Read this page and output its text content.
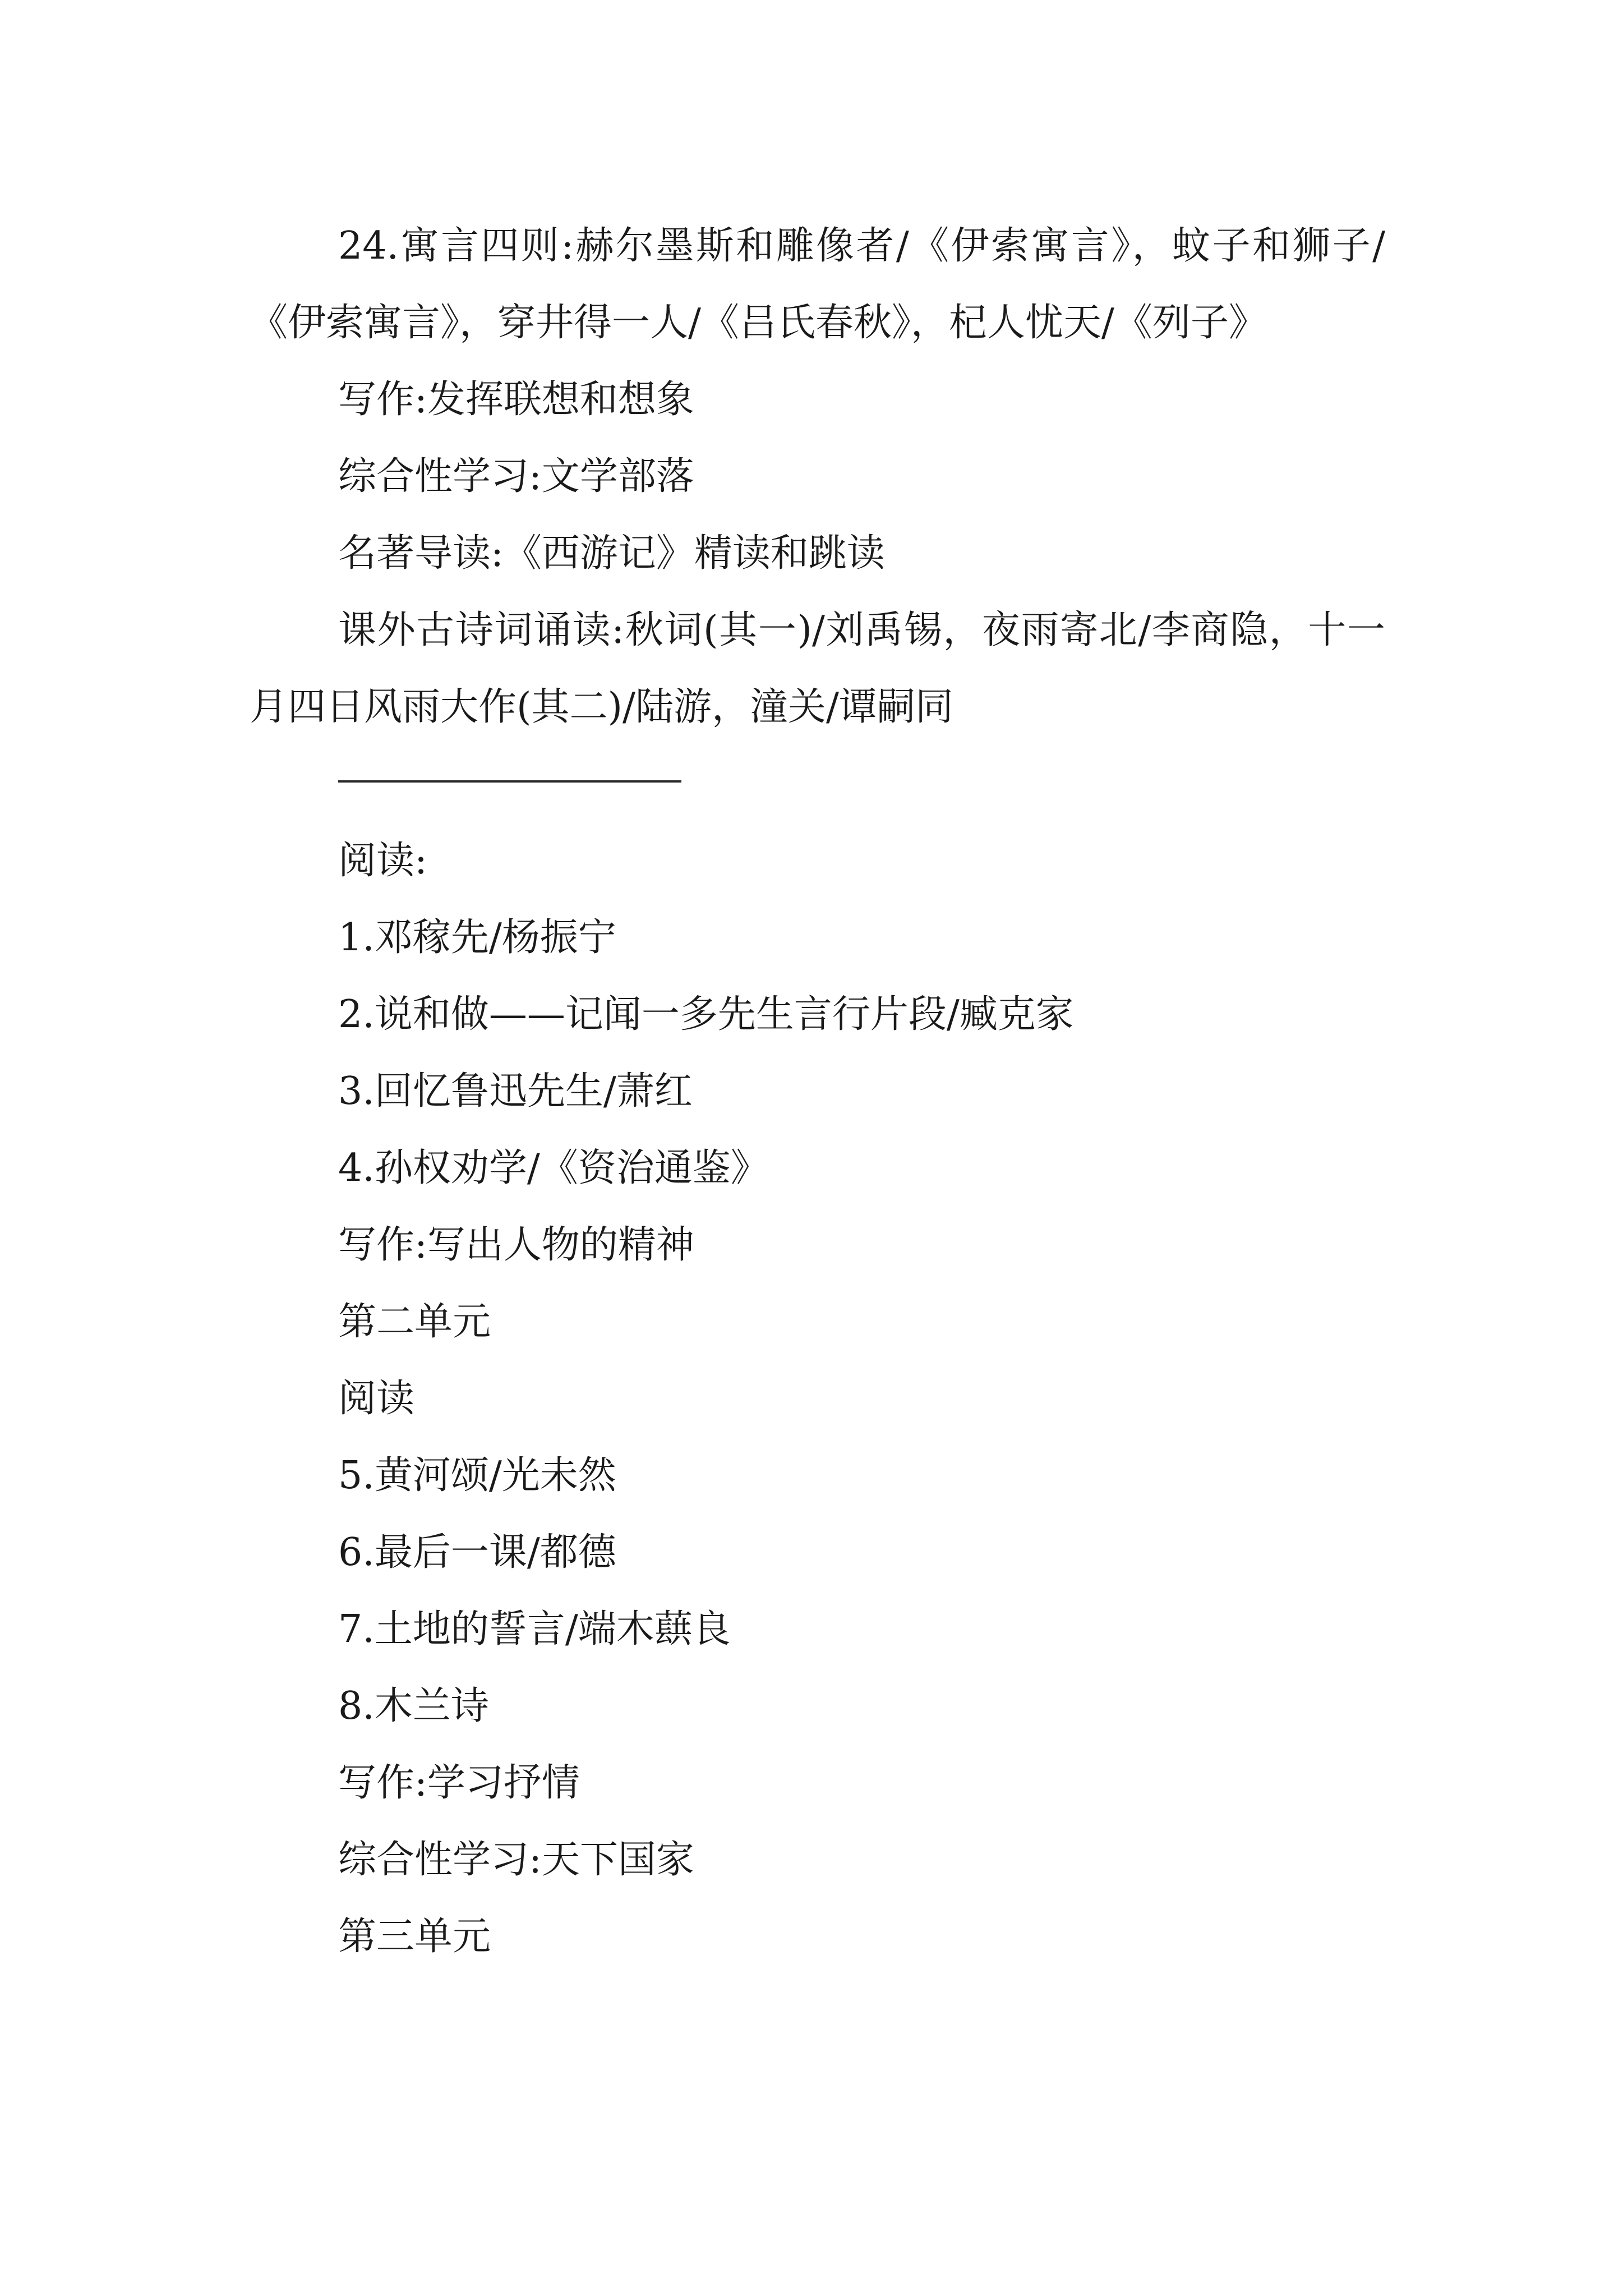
24.寓言四则:赫尔墨斯和雕像者/《伊索寓言》，蚊子和狮子/《伊索寓言》，穿井得一人/《吕氏春秋》，杞人忧天/《列子》

写作:发挥联想和想象

综合性学习:文学部落

名著导读:《西游记》精读和跳读

课外古诗词诵读:秋词(其一)/刘禹锡，夜雨寄北/李商隐，十一月四日风雨大作(其二)/陆游，潼关/谭嗣同

阅读:

1.邓稼先/杨振宁

2.说和做——记闻一多先生言行片段/臧克家

3.回忆鲁迅先生/萧红

4.孙权劝学/《资治通鉴》

写作:写出人物的精神

第二单元

阅读

5.黄河颂/光未然

6.最后一课/都德

7.土地的誓言/端木蕻良

8.木兰诗

写作:学习抒情

综合性学习:天下国家

第三单元
